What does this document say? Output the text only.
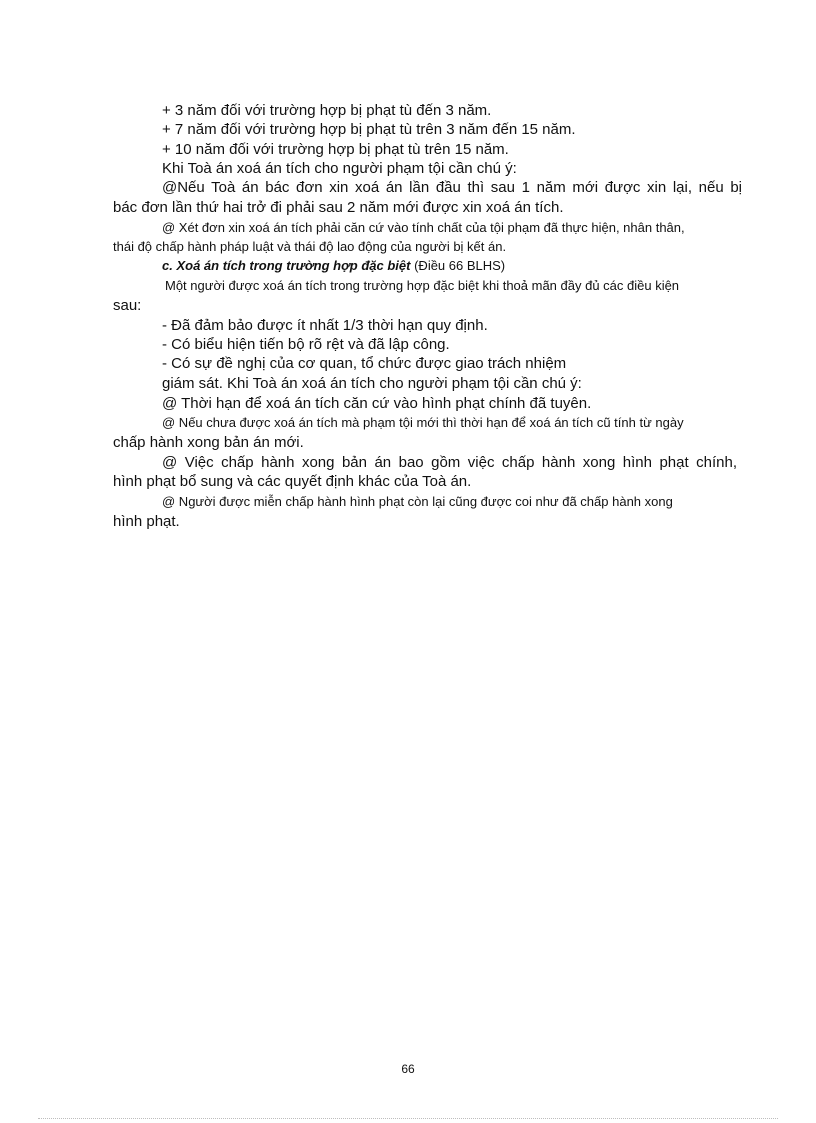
+ 3 năm đối với trường hợp bị phạt tù đến 3 năm.
+ 7 năm đối với trường hợp bị phạt tù trên 3 năm đến 15 năm.
+ 10 năm đối với trường hợp bị phạt tù trên 15 năm.
Khi Toà án xoá án tích cho người phạm tội cần chú ý:
@Nếu Toà án bác đơn xin xoá án lần đầu thì sau 1 năm mới được xin lại, nếu bị
bác đơn lần thứ hai trở đi phải sau 2 năm mới được xin xoá án tích.
@ Xét đơn xin xoá án tích phải căn cứ vào tính chất của tội phạm đã thực hiện, nhân thân,
thái độ chấp hành pháp luật và thái độ lao động của người bị kết án.
c. Xoá án tích trong trường hợp đặc biệt (Điều 66 BLHS)
Một người được xoá án tích trong trường hợp đặc biệt khi thoả mãn đầy đủ các điều kiện
sau:
- Đã đảm bảo được ít nhất 1/3 thời hạn quy định.
- Có biểu hiện tiến bộ rõ rệt và đã lập công.
- Có sự đề nghị của cơ quan, tổ chức được giao trách nhiệm
giám sát. Khi Toà án xoá án tích cho người phạm tội cần chú ý:
@ Thời hạn để xoá án tích căn cứ vào hình phạt chính đã tuyên.
@ Nếu chưa được xoá án tích mà phạm tội mới thì thời hạn để xoá án tích cũ tính từ ngày
chấp hành xong bản án mới.
@ Việc chấp hành xong bản án bao gồm việc chấp hành xong hình phạt chính,
hình phạt bổ sung và các quyết định khác của Toà án.
@ Người được miễn chấp hành hình phạt còn lại cũng được coi như đã chấp hành xong
hình phạt.
66
